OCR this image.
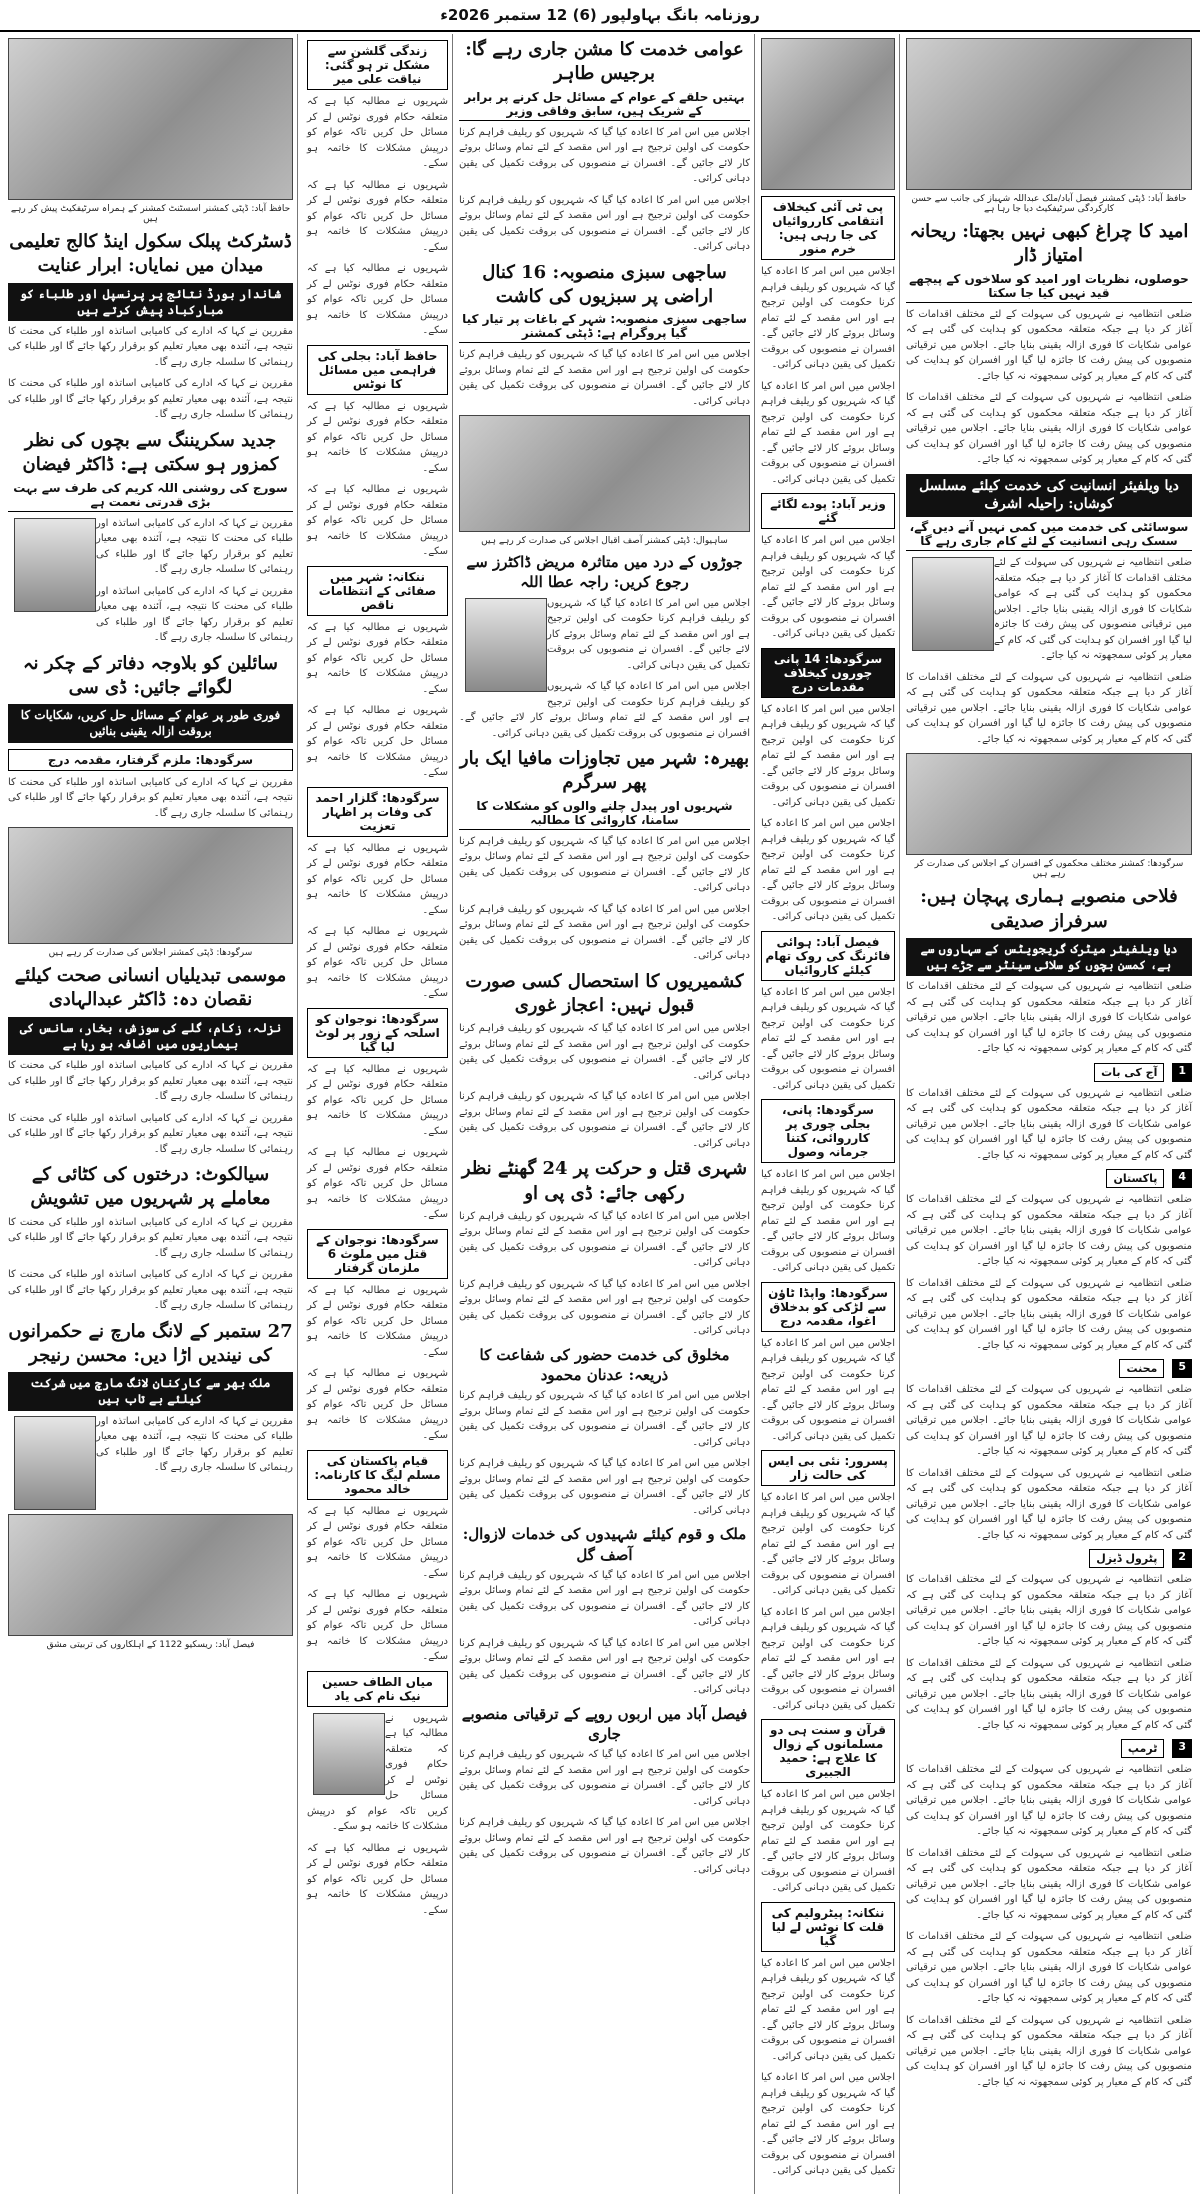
روزنامہ بانگ بہاولپور (6) 12 ستمبر 2026ء
حافظ آباد: ڈپٹی کمشنر فیصل آباد/ملک عبداللہ شہباز کی جانب سے حسن کارکردگی سرٹیفکیٹ دیا جا رہا ہے
امید کا چراغ کبھی نہیں بجھتا: ریحانہ امتیاز ڈار
حوصلوں، نظریات اور امید کو سلاخوں کے پیچھے قید نہیں کیا جا سکتا

ضلعی انتظامیہ نے شہریوں کی سہولت کے لئے مختلف اقدامات کا آغاز کر دیا ہے جبکہ متعلقہ محکموں کو ہدایت کی گئی ہے کہ عوامی شکایات کا فوری ازالہ یقینی بنایا جائے۔ اجلاس میں ترقیاتی منصوبوں کی پیش رفت کا جائزہ لیا گیا اور افسران کو ہدایت کی گئی کہ کام کے معیار پر کوئی سمجھوتہ نہ کیا جائے۔

ضلعی انتظامیہ نے شہریوں کی سہولت کے لئے مختلف اقدامات کا آغاز کر دیا ہے جبکہ متعلقہ محکموں کو ہدایت کی گئی ہے کہ عوامی شکایات کا فوری ازالہ یقینی بنایا جائے۔ اجلاس میں ترقیاتی منصوبوں کی پیش رفت کا جائزہ لیا گیا اور افسران کو ہدایت کی گئی کہ کام کے معیار پر کوئی سمجھوتہ نہ کیا جائے۔

دیا ویلفیئر انسانیت کی خدمت کیلئے مسلسل کوشاں: راحیلہ اشرف
سوسائٹی کی خدمت میں کمی نہیں آنے دیں گے، سسک رہی انسانیت کے لئے کام جاری رہے گا

ضلعی انتظامیہ نے شہریوں کی سہولت کے لئے مختلف اقدامات کا آغاز کر دیا ہے جبکہ متعلقہ محکموں کو ہدایت کی گئی ہے کہ عوامی شکایات کا فوری ازالہ یقینی بنایا جائے۔ اجلاس میں ترقیاتی منصوبوں کی پیش رفت کا جائزہ لیا گیا اور افسران کو ہدایت کی گئی کہ کام کے معیار پر کوئی سمجھوتہ نہ کیا جائے۔

ضلعی انتظامیہ نے شہریوں کی سہولت کے لئے مختلف اقدامات کا آغاز کر دیا ہے جبکہ متعلقہ محکموں کو ہدایت کی گئی ہے کہ عوامی شکایات کا فوری ازالہ یقینی بنایا جائے۔ اجلاس میں ترقیاتی منصوبوں کی پیش رفت کا جائزہ لیا گیا اور افسران کو ہدایت کی گئی کہ کام کے معیار پر کوئی سمجھوتہ نہ کیا جائے۔

سرگودھا: کمشنر مختلف محکموں کے افسران کے اجلاس کی صدارت کر رہے ہیں
فلاحی منصوبے ہماری پہچان ہیں: سرفراز صدیقی
دیا ویلفیئر میٹرک گریجویٹس کے سہاروں سے ہے، کمسن بچوں کو سلائی سینٹر سے جڑے ہیں

ضلعی انتظامیہ نے شہریوں کی سہولت کے لئے مختلف اقدامات کا آغاز کر دیا ہے جبکہ متعلقہ محکموں کو ہدایت کی گئی ہے کہ عوامی شکایات کا فوری ازالہ یقینی بنایا جائے۔ اجلاس میں ترقیاتی منصوبوں کی پیش رفت کا جائزہ لیا گیا اور افسران کو ہدایت کی گئی کہ کام کے معیار پر کوئی سمجھوتہ نہ کیا جائے۔

1
آج کی بات

ضلعی انتظامیہ نے شہریوں کی سہولت کے لئے مختلف اقدامات کا آغاز کر دیا ہے جبکہ متعلقہ محکموں کو ہدایت کی گئی ہے کہ عوامی شکایات کا فوری ازالہ یقینی بنایا جائے۔ اجلاس میں ترقیاتی منصوبوں کی پیش رفت کا جائزہ لیا گیا اور افسران کو ہدایت کی گئی کہ کام کے معیار پر کوئی سمجھوتہ نہ کیا جائے۔

4
پاکستان

ضلعی انتظامیہ نے شہریوں کی سہولت کے لئے مختلف اقدامات کا آغاز کر دیا ہے جبکہ متعلقہ محکموں کو ہدایت کی گئی ہے کہ عوامی شکایات کا فوری ازالہ یقینی بنایا جائے۔ اجلاس میں ترقیاتی منصوبوں کی پیش رفت کا جائزہ لیا گیا اور افسران کو ہدایت کی گئی کہ کام کے معیار پر کوئی سمجھوتہ نہ کیا جائے۔

ضلعی انتظامیہ نے شہریوں کی سہولت کے لئے مختلف اقدامات کا آغاز کر دیا ہے جبکہ متعلقہ محکموں کو ہدایت کی گئی ہے کہ عوامی شکایات کا فوری ازالہ یقینی بنایا جائے۔ اجلاس میں ترقیاتی منصوبوں کی پیش رفت کا جائزہ لیا گیا اور افسران کو ہدایت کی گئی کہ کام کے معیار پر کوئی سمجھوتہ نہ کیا جائے۔

5
محنت

ضلعی انتظامیہ نے شہریوں کی سہولت کے لئے مختلف اقدامات کا آغاز کر دیا ہے جبکہ متعلقہ محکموں کو ہدایت کی گئی ہے کہ عوامی شکایات کا فوری ازالہ یقینی بنایا جائے۔ اجلاس میں ترقیاتی منصوبوں کی پیش رفت کا جائزہ لیا گیا اور افسران کو ہدایت کی گئی کہ کام کے معیار پر کوئی سمجھوتہ نہ کیا جائے۔

ضلعی انتظامیہ نے شہریوں کی سہولت کے لئے مختلف اقدامات کا آغاز کر دیا ہے جبکہ متعلقہ محکموں کو ہدایت کی گئی ہے کہ عوامی شکایات کا فوری ازالہ یقینی بنایا جائے۔ اجلاس میں ترقیاتی منصوبوں کی پیش رفت کا جائزہ لیا گیا اور افسران کو ہدایت کی گئی کہ کام کے معیار پر کوئی سمجھوتہ نہ کیا جائے۔

2
پٹرول ڈیزل

ضلعی انتظامیہ نے شہریوں کی سہولت کے لئے مختلف اقدامات کا آغاز کر دیا ہے جبکہ متعلقہ محکموں کو ہدایت کی گئی ہے کہ عوامی شکایات کا فوری ازالہ یقینی بنایا جائے۔ اجلاس میں ترقیاتی منصوبوں کی پیش رفت کا جائزہ لیا گیا اور افسران کو ہدایت کی گئی کہ کام کے معیار پر کوئی سمجھوتہ نہ کیا جائے۔

ضلعی انتظامیہ نے شہریوں کی سہولت کے لئے مختلف اقدامات کا آغاز کر دیا ہے جبکہ متعلقہ محکموں کو ہدایت کی گئی ہے کہ عوامی شکایات کا فوری ازالہ یقینی بنایا جائے۔ اجلاس میں ترقیاتی منصوبوں کی پیش رفت کا جائزہ لیا گیا اور افسران کو ہدایت کی گئی کہ کام کے معیار پر کوئی سمجھوتہ نہ کیا جائے۔

3
ٹرمپ

ضلعی انتظامیہ نے شہریوں کی سہولت کے لئے مختلف اقدامات کا آغاز کر دیا ہے جبکہ متعلقہ محکموں کو ہدایت کی گئی ہے کہ عوامی شکایات کا فوری ازالہ یقینی بنایا جائے۔ اجلاس میں ترقیاتی منصوبوں کی پیش رفت کا جائزہ لیا گیا اور افسران کو ہدایت کی گئی کہ کام کے معیار پر کوئی سمجھوتہ نہ کیا جائے۔

ضلعی انتظامیہ نے شہریوں کی سہولت کے لئے مختلف اقدامات کا آغاز کر دیا ہے جبکہ متعلقہ محکموں کو ہدایت کی گئی ہے کہ عوامی شکایات کا فوری ازالہ یقینی بنایا جائے۔ اجلاس میں ترقیاتی منصوبوں کی پیش رفت کا جائزہ لیا گیا اور افسران کو ہدایت کی گئی کہ کام کے معیار پر کوئی سمجھوتہ نہ کیا جائے۔

ضلعی انتظامیہ نے شہریوں کی سہولت کے لئے مختلف اقدامات کا آغاز کر دیا ہے جبکہ متعلقہ محکموں کو ہدایت کی گئی ہے کہ عوامی شکایات کا فوری ازالہ یقینی بنایا جائے۔ اجلاس میں ترقیاتی منصوبوں کی پیش رفت کا جائزہ لیا گیا اور افسران کو ہدایت کی گئی کہ کام کے معیار پر کوئی سمجھوتہ نہ کیا جائے۔

ضلعی انتظامیہ نے شہریوں کی سہولت کے لئے مختلف اقدامات کا آغاز کر دیا ہے جبکہ متعلقہ محکموں کو ہدایت کی گئی ہے کہ عوامی شکایات کا فوری ازالہ یقینی بنایا جائے۔ اجلاس میں ترقیاتی منصوبوں کی پیش رفت کا جائزہ لیا گیا اور افسران کو ہدایت کی گئی کہ کام کے معیار پر کوئی سمجھوتہ نہ کیا جائے۔

پی ٹی آئی کیخلاف انتقامی کارروائیاں کی جا رہی ہیں: خرم منور

اجلاس میں اس امر کا اعادہ کیا گیا کہ شہریوں کو ریلیف فراہم کرنا حکومت کی اولین ترجیح ہے اور اس مقصد کے لئے تمام وسائل بروئے کار لائے جائیں گے۔ افسران نے منصوبوں کی بروقت تکمیل کی یقین دہانی کرائی۔

اجلاس میں اس امر کا اعادہ کیا گیا کہ شہریوں کو ریلیف فراہم کرنا حکومت کی اولین ترجیح ہے اور اس مقصد کے لئے تمام وسائل بروئے کار لائے جائیں گے۔ افسران نے منصوبوں کی بروقت تکمیل کی یقین دہانی کرائی۔

وزیر آباد: پودے لگائے گئے

اجلاس میں اس امر کا اعادہ کیا گیا کہ شہریوں کو ریلیف فراہم کرنا حکومت کی اولین ترجیح ہے اور اس مقصد کے لئے تمام وسائل بروئے کار لائے جائیں گے۔ افسران نے منصوبوں کی بروقت تکمیل کی یقین دہانی کرائی۔

سرگودھا: 14 پانی چوروں کیخلاف مقدمات درج

اجلاس میں اس امر کا اعادہ کیا گیا کہ شہریوں کو ریلیف فراہم کرنا حکومت کی اولین ترجیح ہے اور اس مقصد کے لئے تمام وسائل بروئے کار لائے جائیں گے۔ افسران نے منصوبوں کی بروقت تکمیل کی یقین دہانی کرائی۔

اجلاس میں اس امر کا اعادہ کیا گیا کہ شہریوں کو ریلیف فراہم کرنا حکومت کی اولین ترجیح ہے اور اس مقصد کے لئے تمام وسائل بروئے کار لائے جائیں گے۔ افسران نے منصوبوں کی بروقت تکمیل کی یقین دہانی کرائی۔

فیصل آباد: ہوائی فائرنگ کی روک تھام کیلئے کاروائیاں

اجلاس میں اس امر کا اعادہ کیا گیا کہ شہریوں کو ریلیف فراہم کرنا حکومت کی اولین ترجیح ہے اور اس مقصد کے لئے تمام وسائل بروئے کار لائے جائیں گے۔ افسران نے منصوبوں کی بروقت تکمیل کی یقین دہانی کرائی۔

سرگودھا: پانی، بجلی چوری پر کارروائی، کتنا جرمانہ وصول

اجلاس میں اس امر کا اعادہ کیا گیا کہ شہریوں کو ریلیف فراہم کرنا حکومت کی اولین ترجیح ہے اور اس مقصد کے لئے تمام وسائل بروئے کار لائے جائیں گے۔ افسران نے منصوبوں کی بروقت تکمیل کی یقین دہانی کرائی۔

سرگودھا: واپڈا ٹاؤن سے لڑکی کو بدخلاق اغوا، مقدمہ درج

اجلاس میں اس امر کا اعادہ کیا گیا کہ شہریوں کو ریلیف فراہم کرنا حکومت کی اولین ترجیح ہے اور اس مقصد کے لئے تمام وسائل بروئے کار لائے جائیں گے۔ افسران نے منصوبوں کی بروقت تکمیل کی یقین دہانی کرائی۔

پسرور: نئی بی ایس کی حالت زار

اجلاس میں اس امر کا اعادہ کیا گیا کہ شہریوں کو ریلیف فراہم کرنا حکومت کی اولین ترجیح ہے اور اس مقصد کے لئے تمام وسائل بروئے کار لائے جائیں گے۔ افسران نے منصوبوں کی بروقت تکمیل کی یقین دہانی کرائی۔

اجلاس میں اس امر کا اعادہ کیا گیا کہ شہریوں کو ریلیف فراہم کرنا حکومت کی اولین ترجیح ہے اور اس مقصد کے لئے تمام وسائل بروئے کار لائے جائیں گے۔ افسران نے منصوبوں کی بروقت تکمیل کی یقین دہانی کرائی۔

قرآن و سنت ہی دو مسلمانوں کے زوال کا علاج ہے: حمید الجبیری

اجلاس میں اس امر کا اعادہ کیا گیا کہ شہریوں کو ریلیف فراہم کرنا حکومت کی اولین ترجیح ہے اور اس مقصد کے لئے تمام وسائل بروئے کار لائے جائیں گے۔ افسران نے منصوبوں کی بروقت تکمیل کی یقین دہانی کرائی۔

ننکانہ: پیٹرولیم کی قلت کا نوٹس لے لیا گیا

اجلاس میں اس امر کا اعادہ کیا گیا کہ شہریوں کو ریلیف فراہم کرنا حکومت کی اولین ترجیح ہے اور اس مقصد کے لئے تمام وسائل بروئے کار لائے جائیں گے۔ افسران نے منصوبوں کی بروقت تکمیل کی یقین دہانی کرائی۔

اجلاس میں اس امر کا اعادہ کیا گیا کہ شہریوں کو ریلیف فراہم کرنا حکومت کی اولین ترجیح ہے اور اس مقصد کے لئے تمام وسائل بروئے کار لائے جائیں گے۔ افسران نے منصوبوں کی بروقت تکمیل کی یقین دہانی کرائی۔

عوامی خدمت کا مشن جاری رہے گا: برجیس طاہر
بہتیں حلقے کے عوام کے مسائل حل کرنے پر برابر کے شریک ہیں، سابق وفاقی وزیر

اجلاس میں اس امر کا اعادہ کیا گیا کہ شہریوں کو ریلیف فراہم کرنا حکومت کی اولین ترجیح ہے اور اس مقصد کے لئے تمام وسائل بروئے کار لائے جائیں گے۔ افسران نے منصوبوں کی بروقت تکمیل کی یقین دہانی کرائی۔

اجلاس میں اس امر کا اعادہ کیا گیا کہ شہریوں کو ریلیف فراہم کرنا حکومت کی اولین ترجیح ہے اور اس مقصد کے لئے تمام وسائل بروئے کار لائے جائیں گے۔ افسران نے منصوبوں کی بروقت تکمیل کی یقین دہانی کرائی۔

ساجھی سبزی منصوبہ: 16 کنال اراضی پر سبزیوں کی کاشت
ساجھی سبزی منصوبہ: شہر کے باغات پر تیار کیا گیا پروگرام ہے: ڈپٹی کمشنر

اجلاس میں اس امر کا اعادہ کیا گیا کہ شہریوں کو ریلیف فراہم کرنا حکومت کی اولین ترجیح ہے اور اس مقصد کے لئے تمام وسائل بروئے کار لائے جائیں گے۔ افسران نے منصوبوں کی بروقت تکمیل کی یقین دہانی کرائی۔

ساہیوال: ڈپٹی کمشنر آصف اقبال اجلاس کی صدارت کر رہے ہیں
جوڑوں کے درد میں متاثرہ مریض ڈاکٹرز سے رجوع کریں: راجہ عطا اللہ

اجلاس میں اس امر کا اعادہ کیا گیا کہ شہریوں کو ریلیف فراہم کرنا حکومت کی اولین ترجیح ہے اور اس مقصد کے لئے تمام وسائل بروئے کار لائے جائیں گے۔ افسران نے منصوبوں کی بروقت تکمیل کی یقین دہانی کرائی۔

اجلاس میں اس امر کا اعادہ کیا گیا کہ شہریوں کو ریلیف فراہم کرنا حکومت کی اولین ترجیح ہے اور اس مقصد کے لئے تمام وسائل بروئے کار لائے جائیں گے۔ افسران نے منصوبوں کی بروقت تکمیل کی یقین دہانی کرائی۔

بھیرہ: شہر میں تجاوزات مافیا ایک بار پھر سرگرم
شہریوں اور پیدل چلنے والوں کو مشکلات کا سامنا، کاروائی کا مطالبہ

اجلاس میں اس امر کا اعادہ کیا گیا کہ شہریوں کو ریلیف فراہم کرنا حکومت کی اولین ترجیح ہے اور اس مقصد کے لئے تمام وسائل بروئے کار لائے جائیں گے۔ افسران نے منصوبوں کی بروقت تکمیل کی یقین دہانی کرائی۔

اجلاس میں اس امر کا اعادہ کیا گیا کہ شہریوں کو ریلیف فراہم کرنا حکومت کی اولین ترجیح ہے اور اس مقصد کے لئے تمام وسائل بروئے کار لائے جائیں گے۔ افسران نے منصوبوں کی بروقت تکمیل کی یقین دہانی کرائی۔

کشمیریوں کا استحصال کسی صورت قبول نہیں: اعجاز غوری

اجلاس میں اس امر کا اعادہ کیا گیا کہ شہریوں کو ریلیف فراہم کرنا حکومت کی اولین ترجیح ہے اور اس مقصد کے لئے تمام وسائل بروئے کار لائے جائیں گے۔ افسران نے منصوبوں کی بروقت تکمیل کی یقین دہانی کرائی۔

اجلاس میں اس امر کا اعادہ کیا گیا کہ شہریوں کو ریلیف فراہم کرنا حکومت کی اولین ترجیح ہے اور اس مقصد کے لئے تمام وسائل بروئے کار لائے جائیں گے۔ افسران نے منصوبوں کی بروقت تکمیل کی یقین دہانی کرائی۔

شہری قتل و حرکت پر 24 گھنٹے نظر رکھی جائے: ڈی پی او

اجلاس میں اس امر کا اعادہ کیا گیا کہ شہریوں کو ریلیف فراہم کرنا حکومت کی اولین ترجیح ہے اور اس مقصد کے لئے تمام وسائل بروئے کار لائے جائیں گے۔ افسران نے منصوبوں کی بروقت تکمیل کی یقین دہانی کرائی۔

اجلاس میں اس امر کا اعادہ کیا گیا کہ شہریوں کو ریلیف فراہم کرنا حکومت کی اولین ترجیح ہے اور اس مقصد کے لئے تمام وسائل بروئے کار لائے جائیں گے۔ افسران نے منصوبوں کی بروقت تکمیل کی یقین دہانی کرائی۔

مخلوق کی خدمت حضور کی شفاعت کا ذریعہ: عدنان محمود

اجلاس میں اس امر کا اعادہ کیا گیا کہ شہریوں کو ریلیف فراہم کرنا حکومت کی اولین ترجیح ہے اور اس مقصد کے لئے تمام وسائل بروئے کار لائے جائیں گے۔ افسران نے منصوبوں کی بروقت تکمیل کی یقین دہانی کرائی۔

اجلاس میں اس امر کا اعادہ کیا گیا کہ شہریوں کو ریلیف فراہم کرنا حکومت کی اولین ترجیح ہے اور اس مقصد کے لئے تمام وسائل بروئے کار لائے جائیں گے۔ افسران نے منصوبوں کی بروقت تکمیل کی یقین دہانی کرائی۔

ملک و قوم کیلئے شہیدوں کی خدمات لازوال: آصف گل

اجلاس میں اس امر کا اعادہ کیا گیا کہ شہریوں کو ریلیف فراہم کرنا حکومت کی اولین ترجیح ہے اور اس مقصد کے لئے تمام وسائل بروئے کار لائے جائیں گے۔ افسران نے منصوبوں کی بروقت تکمیل کی یقین دہانی کرائی۔

اجلاس میں اس امر کا اعادہ کیا گیا کہ شہریوں کو ریلیف فراہم کرنا حکومت کی اولین ترجیح ہے اور اس مقصد کے لئے تمام وسائل بروئے کار لائے جائیں گے۔ افسران نے منصوبوں کی بروقت تکمیل کی یقین دہانی کرائی۔

فیصل آباد میں اربوں روپے کے ترقیاتی منصوبے جاری

اجلاس میں اس امر کا اعادہ کیا گیا کہ شہریوں کو ریلیف فراہم کرنا حکومت کی اولین ترجیح ہے اور اس مقصد کے لئے تمام وسائل بروئے کار لائے جائیں گے۔ افسران نے منصوبوں کی بروقت تکمیل کی یقین دہانی کرائی۔

اجلاس میں اس امر کا اعادہ کیا گیا کہ شہریوں کو ریلیف فراہم کرنا حکومت کی اولین ترجیح ہے اور اس مقصد کے لئے تمام وسائل بروئے کار لائے جائیں گے۔ افسران نے منصوبوں کی بروقت تکمیل کی یقین دہانی کرائی۔

زندگی گلشن سے مشکل تر ہو گئی: نیاقت علی میر

شہریوں نے مطالبہ کیا ہے کہ متعلقہ حکام فوری نوٹس لے کر مسائل حل کریں تاکہ عوام کو درپیش مشکلات کا خاتمہ ہو سکے۔

شہریوں نے مطالبہ کیا ہے کہ متعلقہ حکام فوری نوٹس لے کر مسائل حل کریں تاکہ عوام کو درپیش مشکلات کا خاتمہ ہو سکے۔

شہریوں نے مطالبہ کیا ہے کہ متعلقہ حکام فوری نوٹس لے کر مسائل حل کریں تاکہ عوام کو درپیش مشکلات کا خاتمہ ہو سکے۔

حافظ آباد: بجلی کی فراہمی میں مسائل کا نوٹس

شہریوں نے مطالبہ کیا ہے کہ متعلقہ حکام فوری نوٹس لے کر مسائل حل کریں تاکہ عوام کو درپیش مشکلات کا خاتمہ ہو سکے۔

شہریوں نے مطالبہ کیا ہے کہ متعلقہ حکام فوری نوٹس لے کر مسائل حل کریں تاکہ عوام کو درپیش مشکلات کا خاتمہ ہو سکے۔

ننکانہ: شہر میں صفائی کے انتظامات ناقص

شہریوں نے مطالبہ کیا ہے کہ متعلقہ حکام فوری نوٹس لے کر مسائل حل کریں تاکہ عوام کو درپیش مشکلات کا خاتمہ ہو سکے۔

شہریوں نے مطالبہ کیا ہے کہ متعلقہ حکام فوری نوٹس لے کر مسائل حل کریں تاکہ عوام کو درپیش مشکلات کا خاتمہ ہو سکے۔

سرگودھا: گلزار احمد کی وفات پر اظہار تعزیت

شہریوں نے مطالبہ کیا ہے کہ متعلقہ حکام فوری نوٹس لے کر مسائل حل کریں تاکہ عوام کو درپیش مشکلات کا خاتمہ ہو سکے۔

شہریوں نے مطالبہ کیا ہے کہ متعلقہ حکام فوری نوٹس لے کر مسائل حل کریں تاکہ عوام کو درپیش مشکلات کا خاتمہ ہو سکے۔

سرگودھا: نوجوان کو اسلحہ کے زور پر لوٹ لیا گیا

شہریوں نے مطالبہ کیا ہے کہ متعلقہ حکام فوری نوٹس لے کر مسائل حل کریں تاکہ عوام کو درپیش مشکلات کا خاتمہ ہو سکے۔

شہریوں نے مطالبہ کیا ہے کہ متعلقہ حکام فوری نوٹس لے کر مسائل حل کریں تاکہ عوام کو درپیش مشکلات کا خاتمہ ہو سکے۔

سرگودھا: نوجوان کے قتل میں ملوث 6 ملزمان گرفتار

شہریوں نے مطالبہ کیا ہے کہ متعلقہ حکام فوری نوٹس لے کر مسائل حل کریں تاکہ عوام کو درپیش مشکلات کا خاتمہ ہو سکے۔

شہریوں نے مطالبہ کیا ہے کہ متعلقہ حکام فوری نوٹس لے کر مسائل حل کریں تاکہ عوام کو درپیش مشکلات کا خاتمہ ہو سکے۔

قیام پاکستان کی مسلم لیگ کا کارنامہ: خالد محمود

شہریوں نے مطالبہ کیا ہے کہ متعلقہ حکام فوری نوٹس لے کر مسائل حل کریں تاکہ عوام کو درپیش مشکلات کا خاتمہ ہو سکے۔

شہریوں نے مطالبہ کیا ہے کہ متعلقہ حکام فوری نوٹس لے کر مسائل حل کریں تاکہ عوام کو درپیش مشکلات کا خاتمہ ہو سکے۔

میاں الطاف حسین نیک نام کی یاد

شہریوں نے مطالبہ کیا ہے کہ متعلقہ حکام فوری نوٹس لے کر مسائل حل کریں تاکہ عوام کو درپیش مشکلات کا خاتمہ ہو سکے۔

شہریوں نے مطالبہ کیا ہے کہ متعلقہ حکام فوری نوٹس لے کر مسائل حل کریں تاکہ عوام کو درپیش مشکلات کا خاتمہ ہو سکے۔

حافظ آباد: ڈپٹی کمشنر اسسٹنٹ کمشنر کے ہمراہ سرٹیفکیٹ پیش کر رہے ہیں
ڈسٹرکٹ پبلک سکول اینڈ کالج تعلیمی میدان میں نمایاں: ابرار عنایت
شاندار بورڈ نتائج پر پرنسپل اور طلباء کو مبارکباد پیش کرتے ہیں

مقررین نے کہا کہ ادارے کی کامیابی اساتذہ اور طلباء کی محنت کا نتیجہ ہے، آئندہ بھی معیار تعلیم کو برقرار رکھا جائے گا اور طلباء کی رہنمائی کا سلسلہ جاری رہے گا۔

مقررین نے کہا کہ ادارے کی کامیابی اساتذہ اور طلباء کی محنت کا نتیجہ ہے، آئندہ بھی معیار تعلیم کو برقرار رکھا جائے گا اور طلباء کی رہنمائی کا سلسلہ جاری رہے گا۔

جدید سکریننگ سے بچوں کی نظر کمزور ہو سکتی ہے: ڈاکٹر فیضان
سورج کی روشنی اللہ کریم کی طرف سے بہت بڑی قدرتی نعمت ہے

مقررین نے کہا کہ ادارے کی کامیابی اساتذہ اور طلباء کی محنت کا نتیجہ ہے، آئندہ بھی معیار تعلیم کو برقرار رکھا جائے گا اور طلباء کی رہنمائی کا سلسلہ جاری رہے گا۔

مقررین نے کہا کہ ادارے کی کامیابی اساتذہ اور طلباء کی محنت کا نتیجہ ہے، آئندہ بھی معیار تعلیم کو برقرار رکھا جائے گا اور طلباء کی رہنمائی کا سلسلہ جاری رہے گا۔

سائلین کو بلاوجہ دفاتر کے چکر نہ لگوائے جائیں: ڈی سی
فوری طور پر عوام کے مسائل حل کریں، شکایات کا بروقت ازالہ یقینی بنائیں
سرگودھا: ملزم گرفتار، مقدمہ درج

مقررین نے کہا کہ ادارے کی کامیابی اساتذہ اور طلباء کی محنت کا نتیجہ ہے، آئندہ بھی معیار تعلیم کو برقرار رکھا جائے گا اور طلباء کی رہنمائی کا سلسلہ جاری رہے گا۔

سرگودھا: ڈپٹی کمشنر اجلاس کی صدارت کر رہے ہیں
موسمی تبدیلیاں انسانی صحت کیلئے نقصان دہ: ڈاکٹر عبدالہادی
نزلہ، زکام، گلے کی سوزش، بخار، سانس کی بیماریوں میں اضافہ ہو رہا ہے

مقررین نے کہا کہ ادارے کی کامیابی اساتذہ اور طلباء کی محنت کا نتیجہ ہے، آئندہ بھی معیار تعلیم کو برقرار رکھا جائے گا اور طلباء کی رہنمائی کا سلسلہ جاری رہے گا۔

مقررین نے کہا کہ ادارے کی کامیابی اساتذہ اور طلباء کی محنت کا نتیجہ ہے، آئندہ بھی معیار تعلیم کو برقرار رکھا جائے گا اور طلباء کی رہنمائی کا سلسلہ جاری رہے گا۔

سیالکوٹ: درختوں کی کٹائی کے معاملے پر شہریوں میں تشویش

مقررین نے کہا کہ ادارے کی کامیابی اساتذہ اور طلباء کی محنت کا نتیجہ ہے، آئندہ بھی معیار تعلیم کو برقرار رکھا جائے گا اور طلباء کی رہنمائی کا سلسلہ جاری رہے گا۔

مقررین نے کہا کہ ادارے کی کامیابی اساتذہ اور طلباء کی محنت کا نتیجہ ہے، آئندہ بھی معیار تعلیم کو برقرار رکھا جائے گا اور طلباء کی رہنمائی کا سلسلہ جاری رہے گا۔

27 ستمبر کے لانگ مارچ نے حکمرانوں کی نیندیں اڑا دیں: محسن رنیجر
ملک بھر سے کارکنان لانگ مارچ میں شرکت کیلئے بے تاب ہیں

مقررین نے کہا کہ ادارے کی کامیابی اساتذہ اور طلباء کی محنت کا نتیجہ ہے، آئندہ بھی معیار تعلیم کو برقرار رکھا جائے گا اور طلباء کی رہنمائی کا سلسلہ جاری رہے گا۔

فیصل آباد: ریسکیو 1122 کے اہلکاروں کی تربیتی مشق
